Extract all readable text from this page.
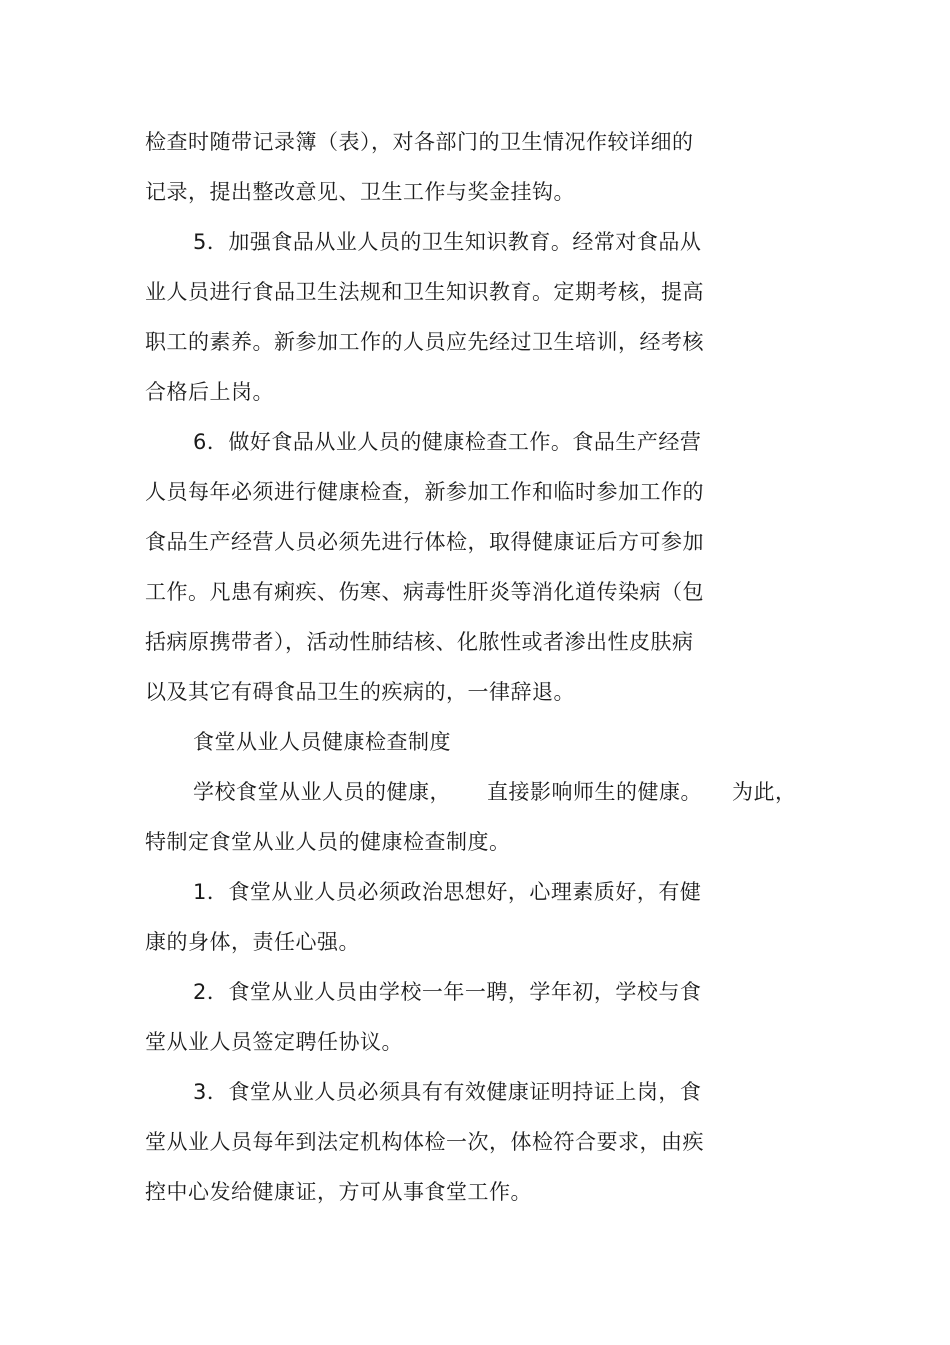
检查时随带记录簿（表），对各部门的卫生情况作较详细的
记录，提出整改意见、卫生工作与奖金挂钩。
5．加强食品从业人员的卫生知识教育。经常对食品从
业人员进行食品卫生法规和卫生知识教育。定期考核，提高
职工的素养。新参加工作的人员应先经过卫生培训，经考核
合格后上岗。
6．做好食品从业人员的健康检查工作。食品生产经营
人员每年必须进行健康检查，新参加工作和临时参加工作的
食品生产经营人员必须先进行体检，取得健康证后方可参加
工作。凡患有痢疾、伤寒、病毒性肝炎等消化道传染病（包
括病原携带者），活动性肺结核、化脓性或者渗出性皮肤病
以及其它有碍食品卫生的疾病的，一律辞退。
食堂从业人员健康检查制度
学校食堂从业人员的健康， 直接影响师生的健康。 为此，
特制定食堂从业人员的健康检查制度。
1．食堂从业人员必须政治思想好，心理素质好，有健
康的身体，责任心强。
2．食堂从业人员由学校一年一聘，学年初，学校与食
堂从业人员签定聘任协议。
3．食堂从业人员必须具有有效健康证明持证上岗，食
堂从业人员每年到法定机构体检一次，体检符合要求，由疾
控中心发给健康证，方可从事食堂工作。
